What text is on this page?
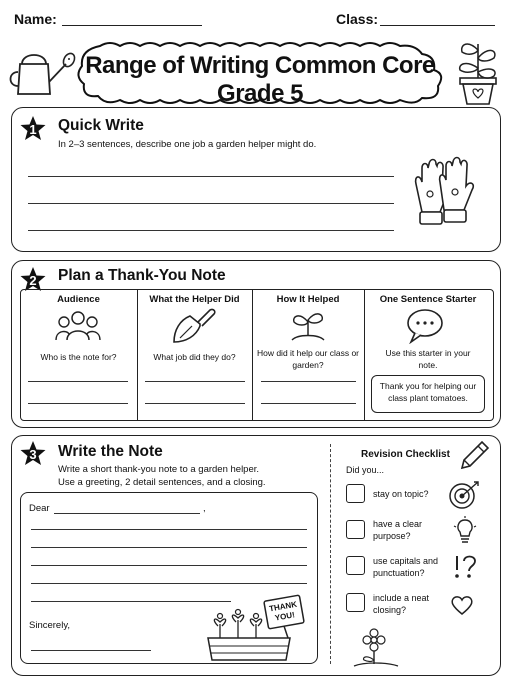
Name:	Class:
Range of Writing Common Core Grade 5
1 Quick Write
In 2–3 sentences, describe one job a garden helper might do.
2 Plan a Thank-You Note
Audience
Who is the note for?
What the Helper Did
What job did they do?
How It Helped
How did it help our class or garden?
One Sentence Starter
Use this starter in your note.
Thank you for helping our class plant tomatoes.
3 Write the Note
Write a short thank-you note to a garden helper.
Use a greeting, 2 detail sentences, and a closing.
Dear	,
Sincerely,
THANK
YOU!
Revision Checklist
Did you...
stay on topic?
have a clear purpose?
use capitals and punctuation?
include a neat closing?
